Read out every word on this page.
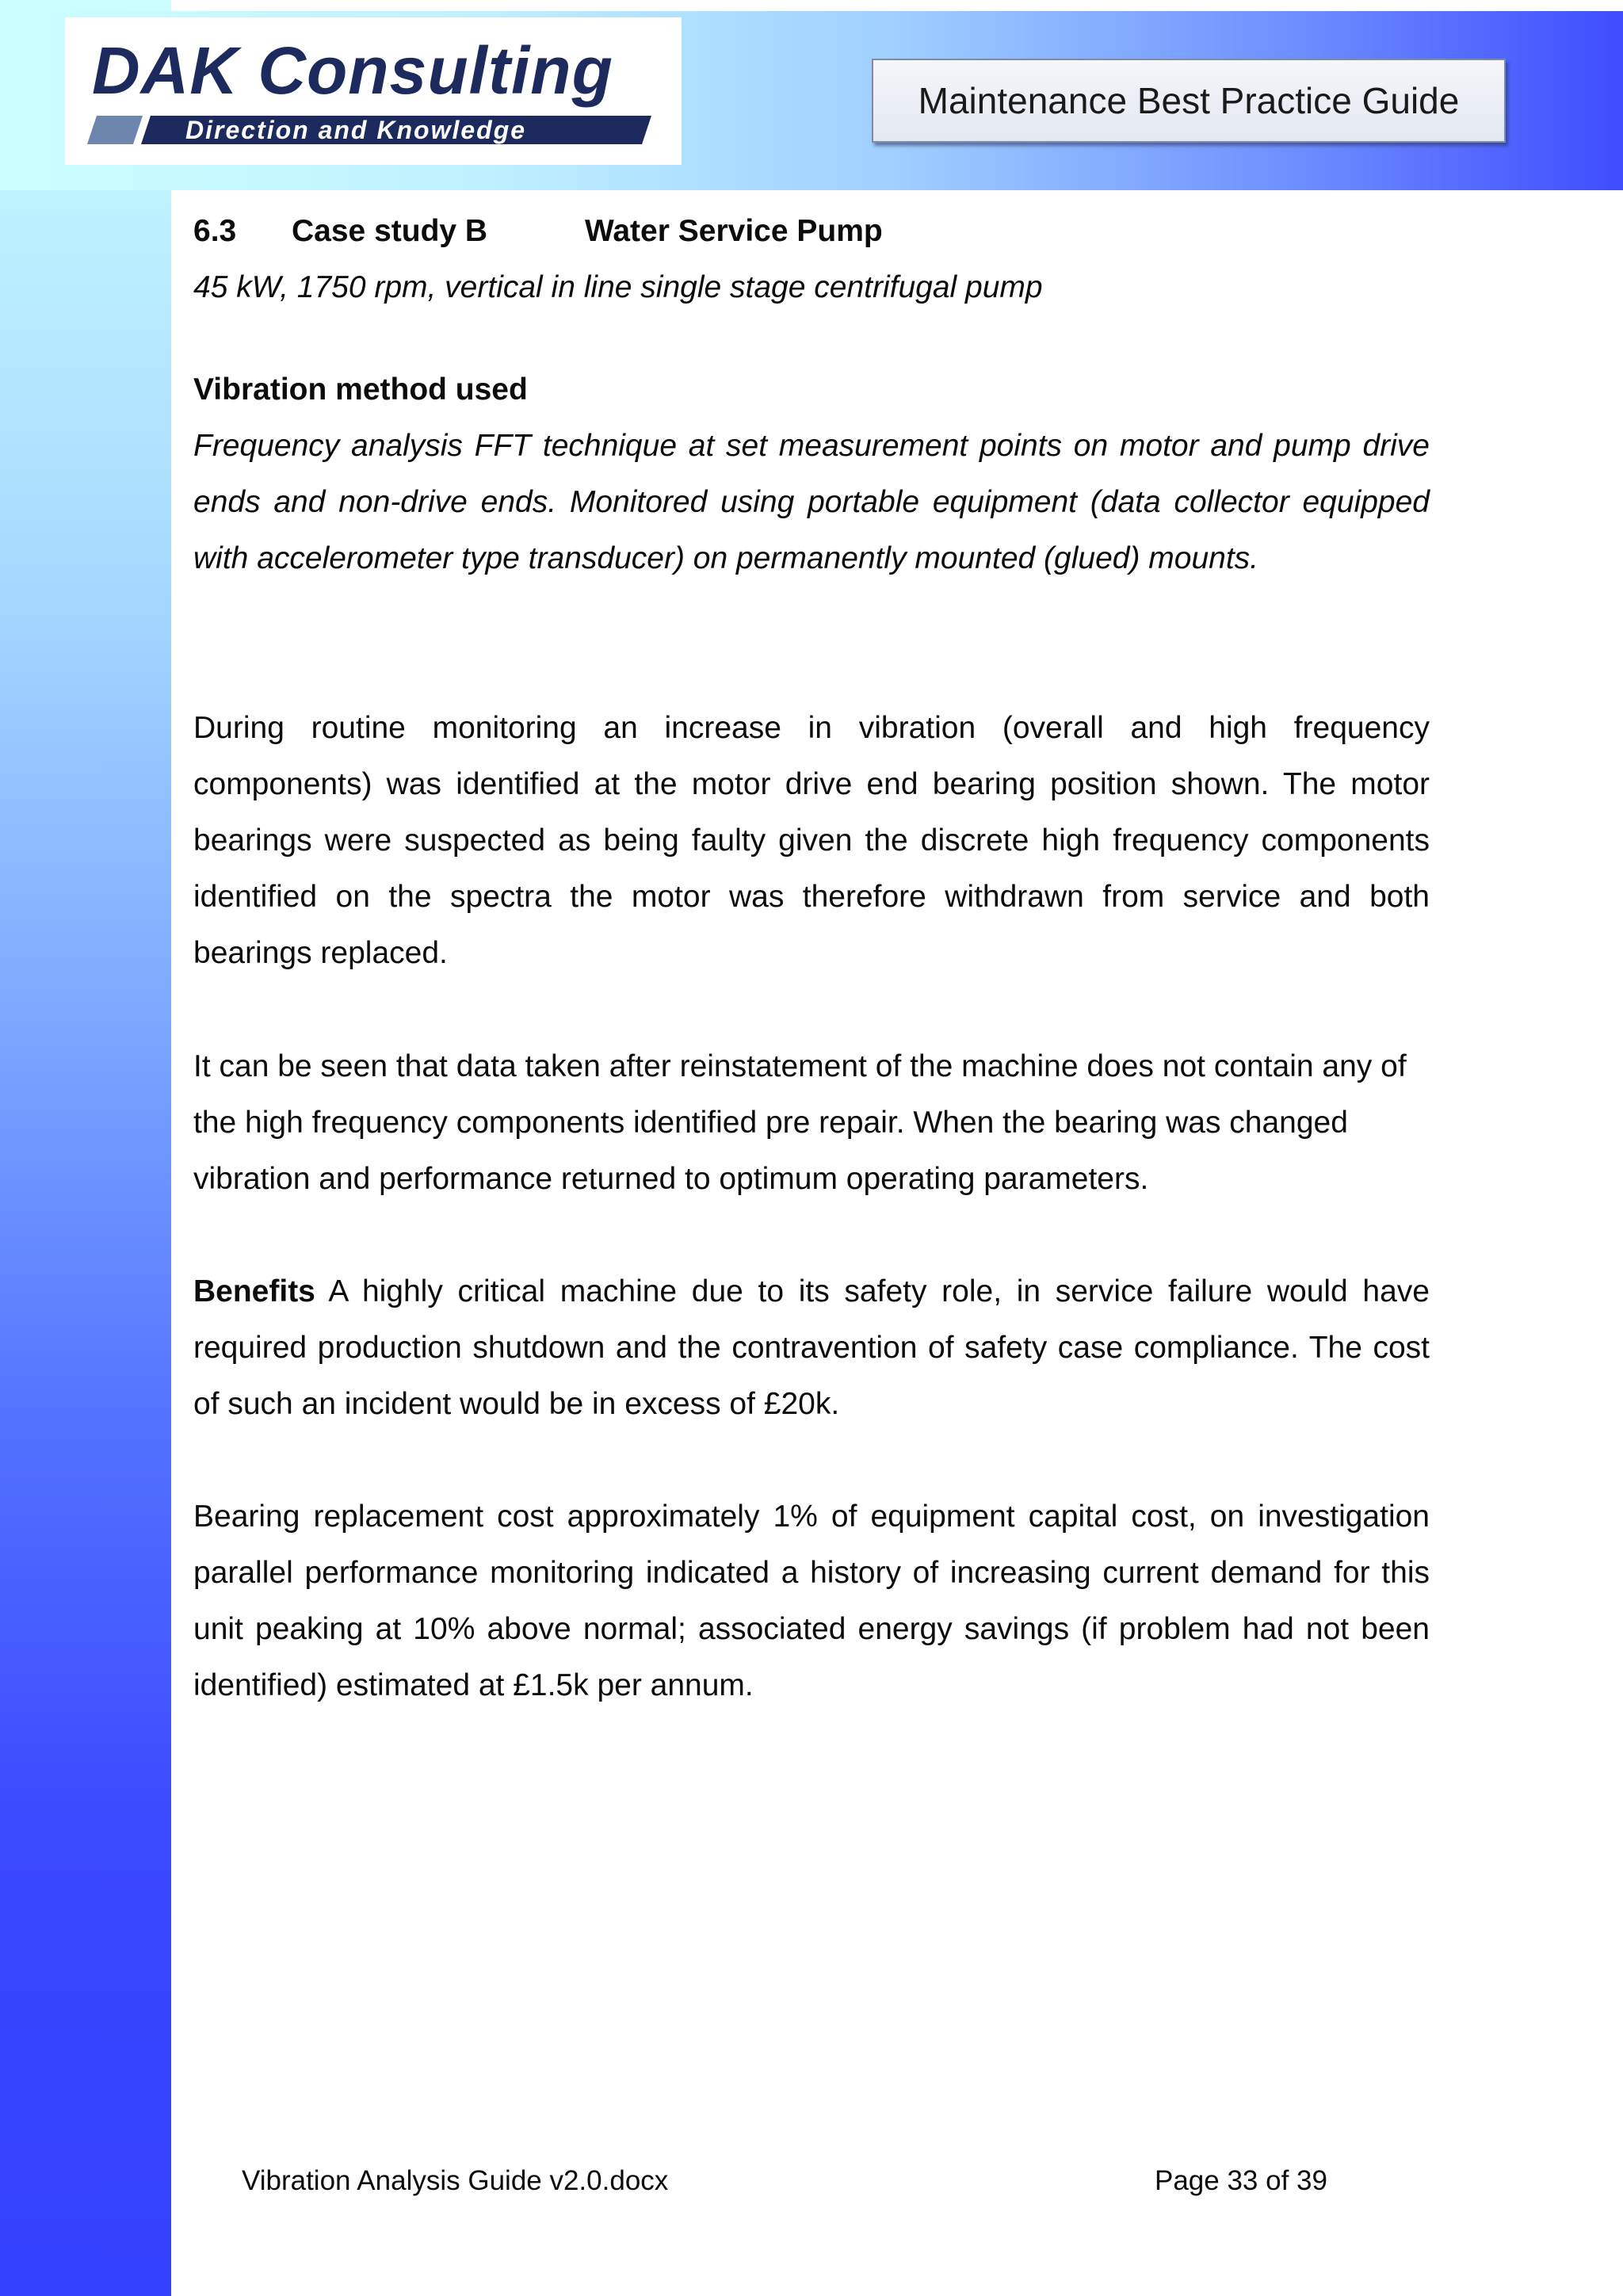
DAK Consulting
Direction and Knowledge
Maintenance Best Practice Guide
6.3 Case study B	Water Service Pump
45 kW, 1750 rpm, vertical in line single stage centrifugal pump
Vibration method used
Frequency analysis FFT technique at set measurement points on motor and pump drive ends and non-drive ends. Monitored using portable equipment (data collector equipped with accelerometer type transducer) on permanently mounted (glued) mounts.
During routine monitoring an increase in vibration (overall and high frequency components) was identified at the motor drive end bearing position shown. The motor bearings were suspected as being faulty given the discrete high frequency components identified on the spectra the motor was therefore withdrawn from service and both bearings replaced.
It can be seen that data taken after reinstatement of the machine does not contain any of the high frequency components identified pre repair. When the bearing was changed vibration and performance returned to optimum operating parameters.
Benefits A highly critical machine due to its safety role, in service failure would have required production shutdown and the contravention of safety case compliance. The cost of such an incident would be in excess of £20k.
Bearing replacement cost approximately 1% of equipment capital cost, on investigation parallel performance monitoring indicated a history of increasing current demand for this unit peaking at 10% above normal; associated energy savings (if problem had not been identified) estimated at £1.5k per annum.
Vibration Analysis Guide v2.0.docx	Page 33 of 39
